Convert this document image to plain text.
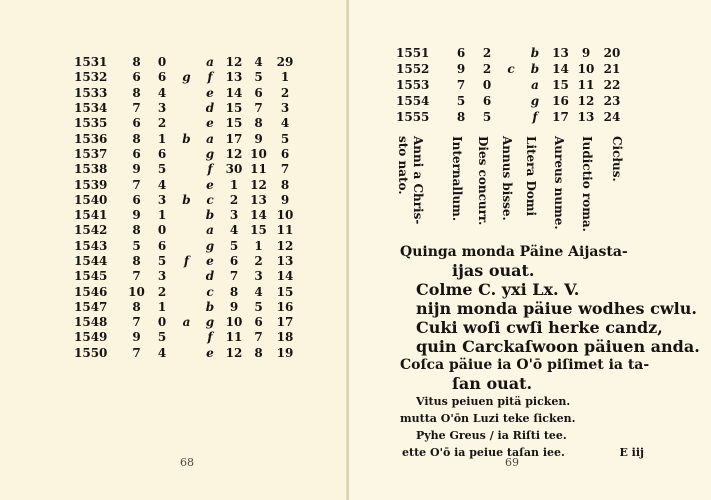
1531	8	0		a	12	4	29
1532	6	6	g	f	13	5	1
1533	8	4		e	14	6	2
1534	7	3		d	15	7	3
1535	6	2		e	15	8	4
1536	8	1	b	a	17	9	5
1537	6	6		g	12	10	6
1538	9	5		f	30	11	7
1539	7	4		e	1	12	8
1540	6	3	b	c	2	13	9
1541	9	1		b	3	14	10
1542	8	0		a	4	15	11
1543	5	6		g	5	1	12
1544	8	5	f	e	6	2	13
1545	7	3		d	7	3	14
1546	10	2		c	8	4	15
1547	8	1		b	9	5	16
1548	7	0	a	g	10	6	17
1549	9	5		f	11	7	18
1550	7	4		e	12	8	19
68
1551	6	2		b	13	9	20
1552	9	2	c	b	14	10	21
1553	7	0		a	15	11	22
1554	5	6		g	16	12	23
1555	8	5		f	17	13	24
Anni a Chris-
sto nato.	Internallum. Dies concurr. Annus bisse. Litera Domi Aureus nume. Iudictio roma. Cicłus.
Quinga monda Päine Aijasta-
ijas ouat.
Colme C. yxi Lx. V.
nijn monda päiue wodhes cwlu.
Cuki woſi cwſi herke candz,
quin Carckaſwoon päiuen anda.
Coſca päiue ia O'ō piſimet ia ta-
ſan ouat.
Vitus peiuen pitä picken.
mutta O'ōn Luzi teke ſicken.
Pyhe Greus / ia Riſti tee.
ette O'ō ia peiue taſan iee.	E iij
69
